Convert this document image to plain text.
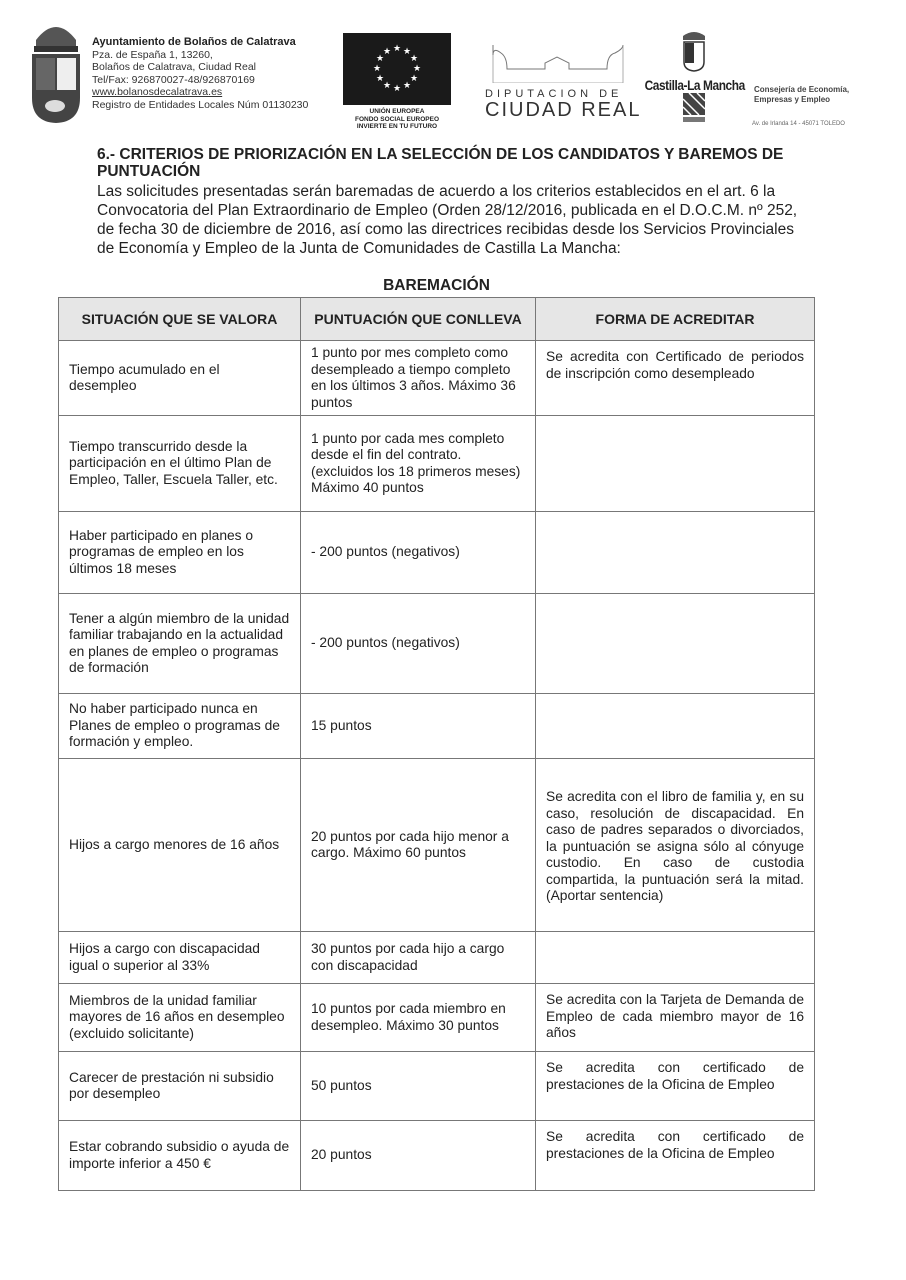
Ayuntamiento de Bolaños de Calatrava
Pza. de España 1, 13260,
Bolaños de Calatrava, Ciudad Real
Tel/Fax: 926870027-48/926870169
www.bolanosdecalatrava.es
Registro de Entidades Locales Núm 01130230
★ ★
★
★
★
★
★
★
★
★
★
★
UNIÓN EUROPEA
FONDO SOCIAL EUROPEO
INVIERTE EN TU FUTURO
DIPUTACION DE
CIUDAD REAL
Castilla-La Mancha Consejería de Economía,
Empresas y Empleo
Av. de Irlanda 14 - 45071 TOLEDO
6.- CRITERIOS DE PRIORIZACIÓN EN LA SELECCIÓN DE LOS CANDIDATOS Y BAREMOS DE PUNTUACIÓN
Las solicitudes presentadas serán baremadas de acuerdo a los criterios establecidos en el art. 6 la Convocatoria del Plan Extraordinario de Empleo (Orden 28/12/2016, publicada en el D.O.C.M. nº 252, de fecha 30 de diciembre de 2016, así como las directrices recibidas desde los Servicios Provinciales de Economía y Empleo de la Junta de Comunidades de Castilla La Mancha:
BAREMACIÓN
SITUACIÓN QUE SE VALORA	PUNTUACIÓN QUE CONLLEVA	FORMA DE ACREDITAR
Tiempo acumulado en el desempleo	1 punto por mes completo como desempleado a tiempo completo en los últimos 3 años. Máximo 36 puntos	Se acredita con Certificado de periodos de inscripción como desempleado
Tiempo transcurrido desde la participación en el último Plan de Empleo, Taller, Escuela Taller, etc.	1 punto por cada mes completo desde el fin del contrato. (excluidos los 18 primeros meses) Máximo 40 puntos	
Haber participado en planes o programas de empleo en los últimos 18 meses	- 200 puntos (negativos)	
Tener a algún miembro de la unidad familiar trabajando en la actualidad en planes de empleo o programas de formación	- 200 puntos (negativos)	
No haber participado nunca en Planes de empleo o programas de formación y empleo.	15 puntos	
Hijos a cargo menores de 16 años	20 puntos por cada hijo menor a cargo. Máximo 60 puntos	Se acredita con el libro de familia y, en su caso, resolución de discapacidad. En caso de padres separados o divorciados, la puntuación se asigna sólo al cónyuge custodio. En caso de custodia compartida, la puntuación será la mitad. (Aportar sentencia)
Hijos a cargo con discapacidad igual o superior al 33%	30 puntos por cada hijo a cargo con discapacidad	
Miembros de la unidad familiar mayores de 16 años en desempleo (excluido solicitante)	10 puntos por cada miembro en desempleo. Máximo 30 puntos	Se acredita con la Tarjeta de Demanda de Empleo de cada miembro mayor de 16 años
Carecer de prestación ni subsidio por desempleo	50 puntos	Se acredita con certificado de prestaciones de la Oficina de Empleo
Estar cobrando subsidio o ayuda de importe inferior a 450 €	20 puntos	Se acredita con certificado de prestaciones de la Oficina de Empleo
